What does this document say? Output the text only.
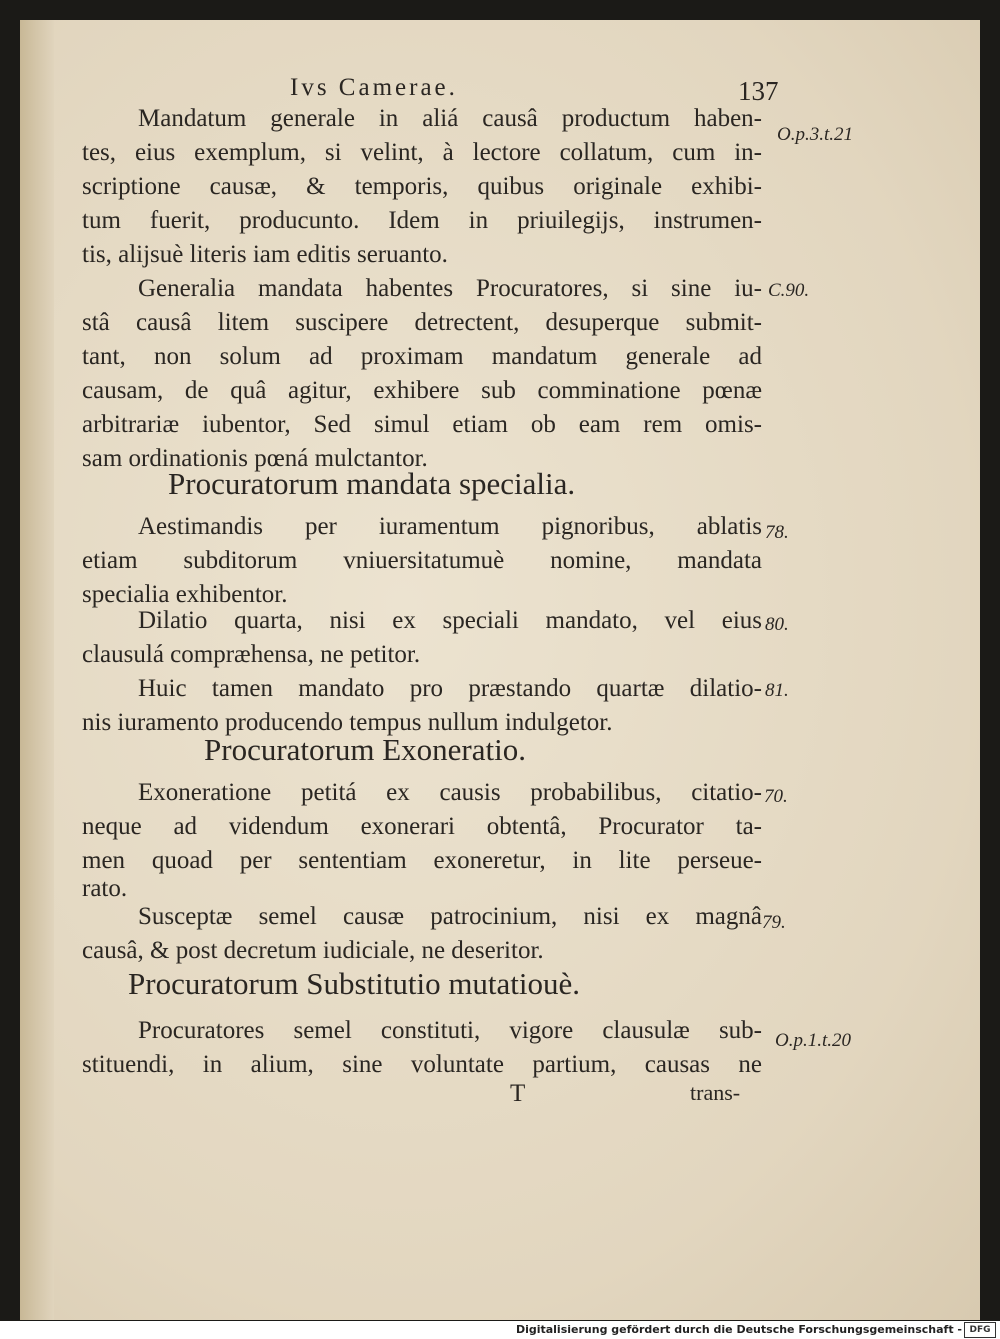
Ivs Camerae.	137
Mandatum generale in aliá causâ productum haben-
tes, eius exemplum, si velint, à lectore collatum, cum in-
scriptione causæ, & temporis, quibus originale exhibi-
tum fuerit, producunto. Idem in priuilegijs, instrumen-
tis, alijsuè literis iam editis seruanto.
Generalia mandata habentes Procuratores, si sine iu-
stâ causâ litem suscipere detrectent, desuperque submit-
tant, non solum ad proximam mandatum generale ad
causam, de quâ agitur, exhibere sub comminatione pœnæ
arbitrariæ iubentor, Sed simul etiam ob eam rem omis-
sam ordinationis pœná mulctantor.
Procuratorum mandata specialia.
Aestimandis per iuramentum pignoribus, ablatis
etiam subditorum vniuersitatumuè nomine, mandata
specialia exhibentor.
Dilatio quarta, nisi ex speciali mandato, vel eius
clausulá compræhensa, ne petitor.
Huic tamen mandato pro præstando quartæ dilatio-
nis iuramento producendo tempus nullum indulgetor.
Procuratorum Exoneratio.
Exoneratione petitá ex causis probabilibus, citatio-
neque ad videndum exonerari obtentâ, Procurator ta-
men quoad per sententiam exoneretur, in lite perseue-
rato.
Susceptæ semel causæ patrocinium, nisi ex magnâ
causâ, & post decretum iudiciale, ne deseritor.
Procuratorum Substitutio mutatiouè.
Procuratores semel constituti, vigore clausulæ sub-
stituendi, in alium, sine voluntate partium, causas ne
T	trans-
O.p.3.t.21
C.90.
78.
80.
81.
70.
79.
O.p.1.t.20
Digitalisierung gefördert durch die Deutsche Forschungsgemeinschaft - DFG
